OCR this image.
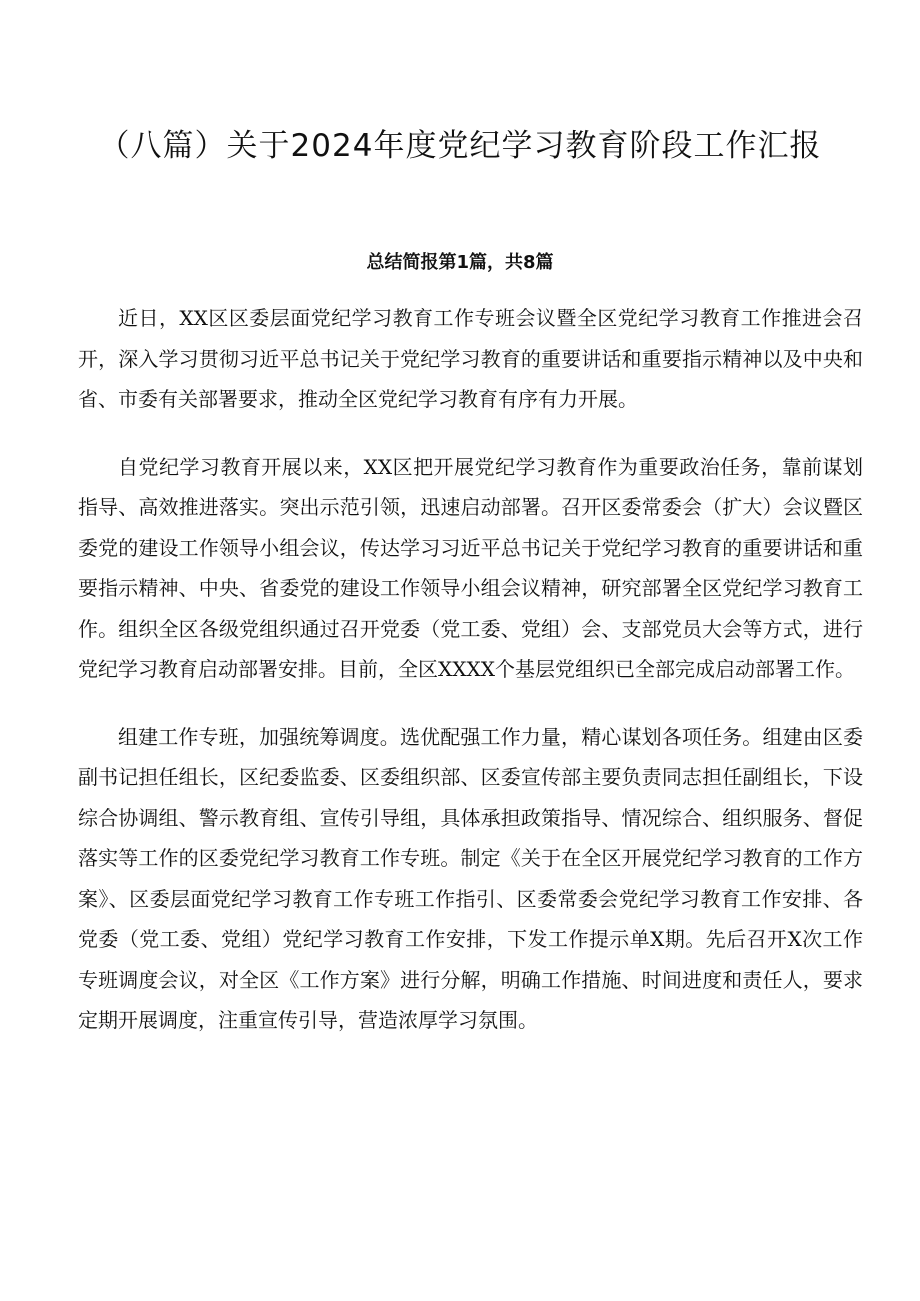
（八篇）关于2024年度党纪学习教育阶段工作汇报
总结简报第1篇，共8篇

近日，XX区区委层面党纪学习教育工作专班会议暨全区党纪学习教育工作推进会召开，深入学习贯彻习近平总书记关于党纪学习教育的重要讲话和重要指示精神以及中央和省、市委有关部署要求，推动全区党纪学习教育有序有力开展。

自党纪学习教育开展以来，XX区把开展党纪学习教育作为重要政治任务，靠前谋划指导、高效推进落实。突出示范引领，迅速启动部署。召开区委常委会（扩大）会议暨区委党的建设工作领导小组会议，传达学习习近平总书记关于党纪学习教育的重要讲话和重要指示精神、中央、省委党的建设工作领导小组会议精神，研究部署全区党纪学习教育工作。组织全区各级党组织通过召开党委（党工委、党组）会、支部党员大会等方式，进行党纪学习教育启动部署安排。目前，全区XXXX个基层党组织已全部完成启动部署工作。

组建工作专班，加强统筹调度。选优配强工作力量，精心谋划各项任务。组建由区委副书记担任组长，区纪委监委、区委组织部、区委宣传部主要负责同志担任副组长，下设综合协调组、警示教育组、宣传引导组，具体承担政策指导、情况综合、组织服务、督促落实等工作的区委党纪学习教育工作专班。制定《关于在全区开展党纪学习教育的工作方案》、区委层面党纪学习教育工作专班工作指引、区委常委会党纪学习教育工作安排、各党委（党工委、党组）党纪学习教育工作安排，下发工作提示单X期。先后召开X次工作专班调度会议，对全区《工作方案》进行分解，明确工作措施、时间进度和责任人，要求定期开展调度，注重宣传引导，营造浓厚学习氛围。
